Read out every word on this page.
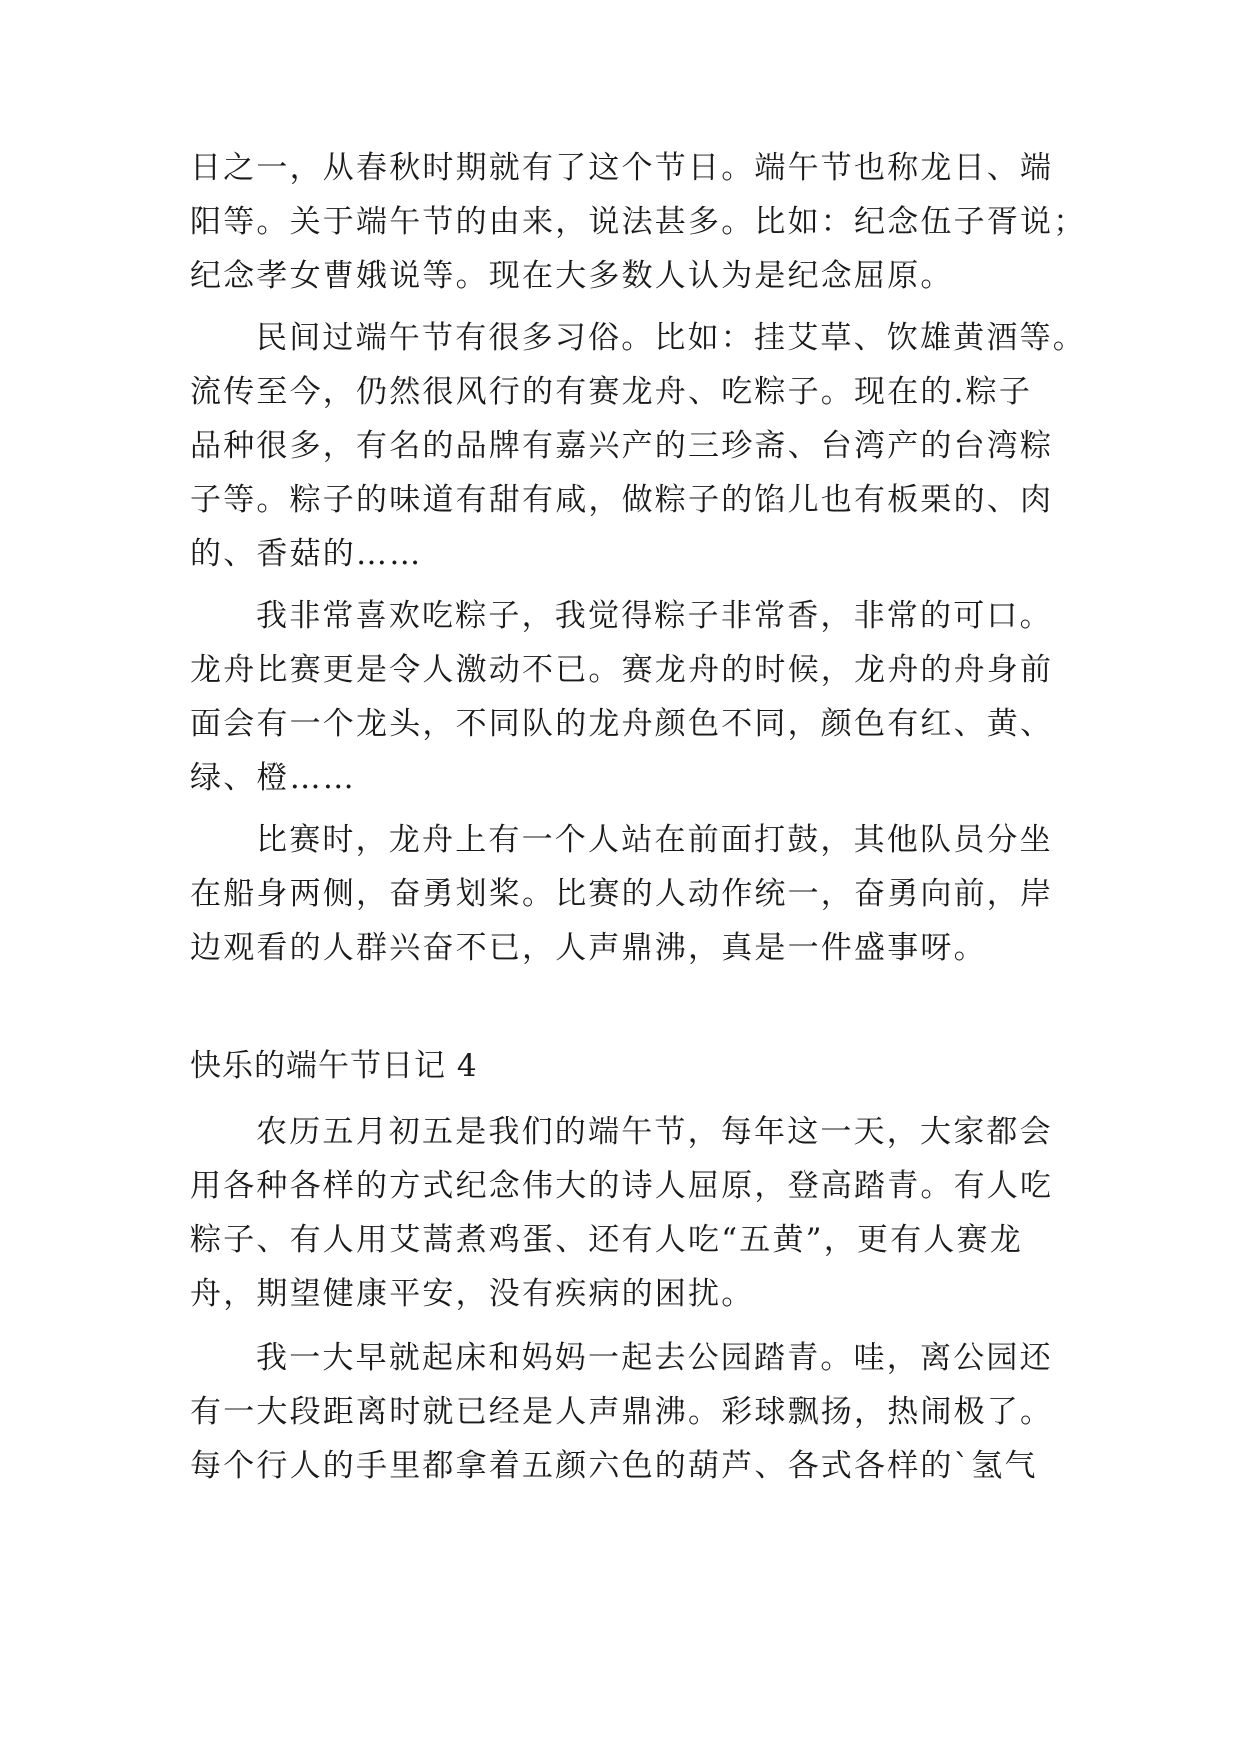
日之一，从春秋时期就有了这个节日。端午节也称龙日、端
阳等。关于端午节的由来，说法甚多。比如：纪念伍子胥说；
纪念孝女曹娥说等。现在大多数人认为是纪念屈原。
民间过端午节有很多习俗。比如：挂艾草、饮雄黄酒等。
流传至今，仍然很风行的有赛龙舟、吃粽子。现在的.粽子
品种很多，有名的品牌有嘉兴产的三珍斋、台湾产的台湾粽
子等。粽子的味道有甜有咸，做粽子的馅儿也有板栗的、肉
的、香菇的……
我非常喜欢吃粽子，我觉得粽子非常香，非常的可口。
龙舟比赛更是令人激动不已。赛龙舟的时候，龙舟的舟身前
面会有一个龙头，不同队的龙舟颜色不同，颜色有红、黄、
绿、橙……
比赛时，龙舟上有一个人站在前面打鼓，其他队员分坐
在船身两侧，奋勇划桨。比赛的人动作统一，奋勇向前，岸
边观看的人群兴奋不已，人声鼎沸，真是一件盛事呀。
快乐的端午节日记 4
农历五月初五是我们的端午节，每年这一天，大家都会
用各种各样的方式纪念伟大的诗人屈原，登高踏青。有人吃
粽子、有人用艾蒿煮鸡蛋、还有人吃“五黄”，更有人赛龙
舟，期望健康平安，没有疾病的困扰。
我一大早就起床和妈妈一起去公园踏青。哇，离公园还
有一大段距离时就已经是人声鼎沸。彩球飘扬，热闹极了。
每个行人的手里都拿着五颜六色的葫芦、各式各样的`氢气
